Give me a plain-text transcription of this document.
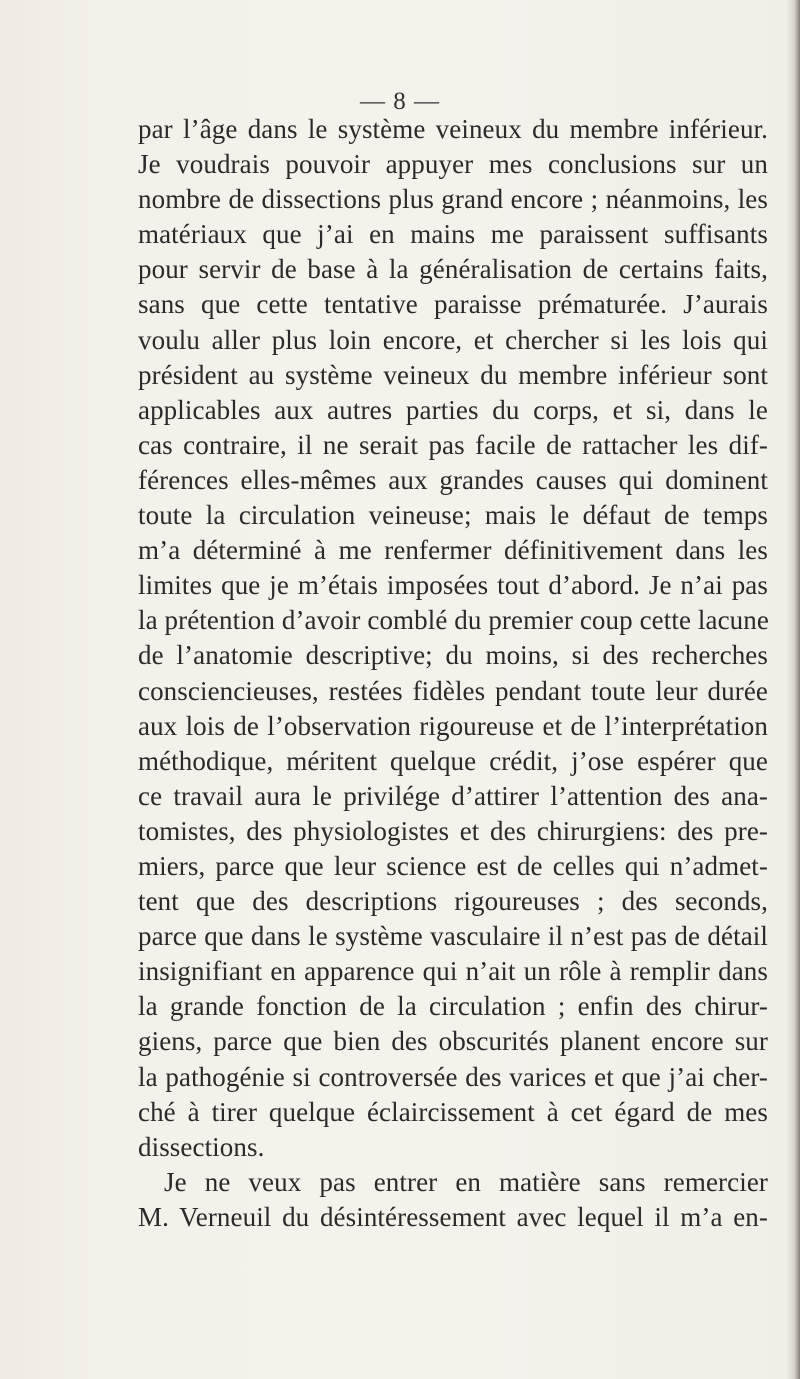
— 8 —
par l’âge dans le système veineux du membre inférieur.
Je voudrais pouvoir appuyer mes conclusions sur un
nombre de dissections plus grand encore ; néanmoins, les
matériaux que j’ai en mains me paraissent suffisants
pour servir de base à la généralisation de certains faits,
sans que cette tentative paraisse prématurée. J’aurais
voulu aller plus loin encore, et chercher si les lois qui
président au système veineux du membre inférieur sont
applicables aux autres parties du corps, et si, dans le
cas contraire, il ne serait pas facile de rattacher les dif-
férences elles-mêmes aux grandes causes qui dominent
toute la circulation veineuse; mais le défaut de temps
m’a déterminé à me renfermer définitivement dans les
limites que je m’étais imposées tout d’abord. Je n’ai pas
la prétention d’avoir comblé du premier coup cette lacune
de l’anatomie descriptive; du moins, si des recherches
consciencieuses, restées fidèles pendant toute leur durée
aux lois de l’observation rigoureuse et de l’interprétation
méthodique, méritent quelque crédit, j’ose espérer que
ce travail aura le privilége d’attirer l’attention des ana-
tomistes, des physiologistes et des chirurgiens: des pre-
miers, parce que leur science est de celles qui n’admet-
tent que des descriptions rigoureuses ; des seconds,
parce que dans le système vasculaire il n’est pas de détail
insignifiant en apparence qui n’ait un rôle à remplir dans
la grande fonction de la circulation ; enfin des chirur-
giens, parce que bien des obscurités planent encore sur
la pathogénie si controversée des varices et que j’ai cher-
ché à tirer quelque éclaircissement à cet égard de mes
dissections.
Je ne veux pas entrer en matière sans remercier
M. Verneuil du désintéressement avec lequel il m’a en-
